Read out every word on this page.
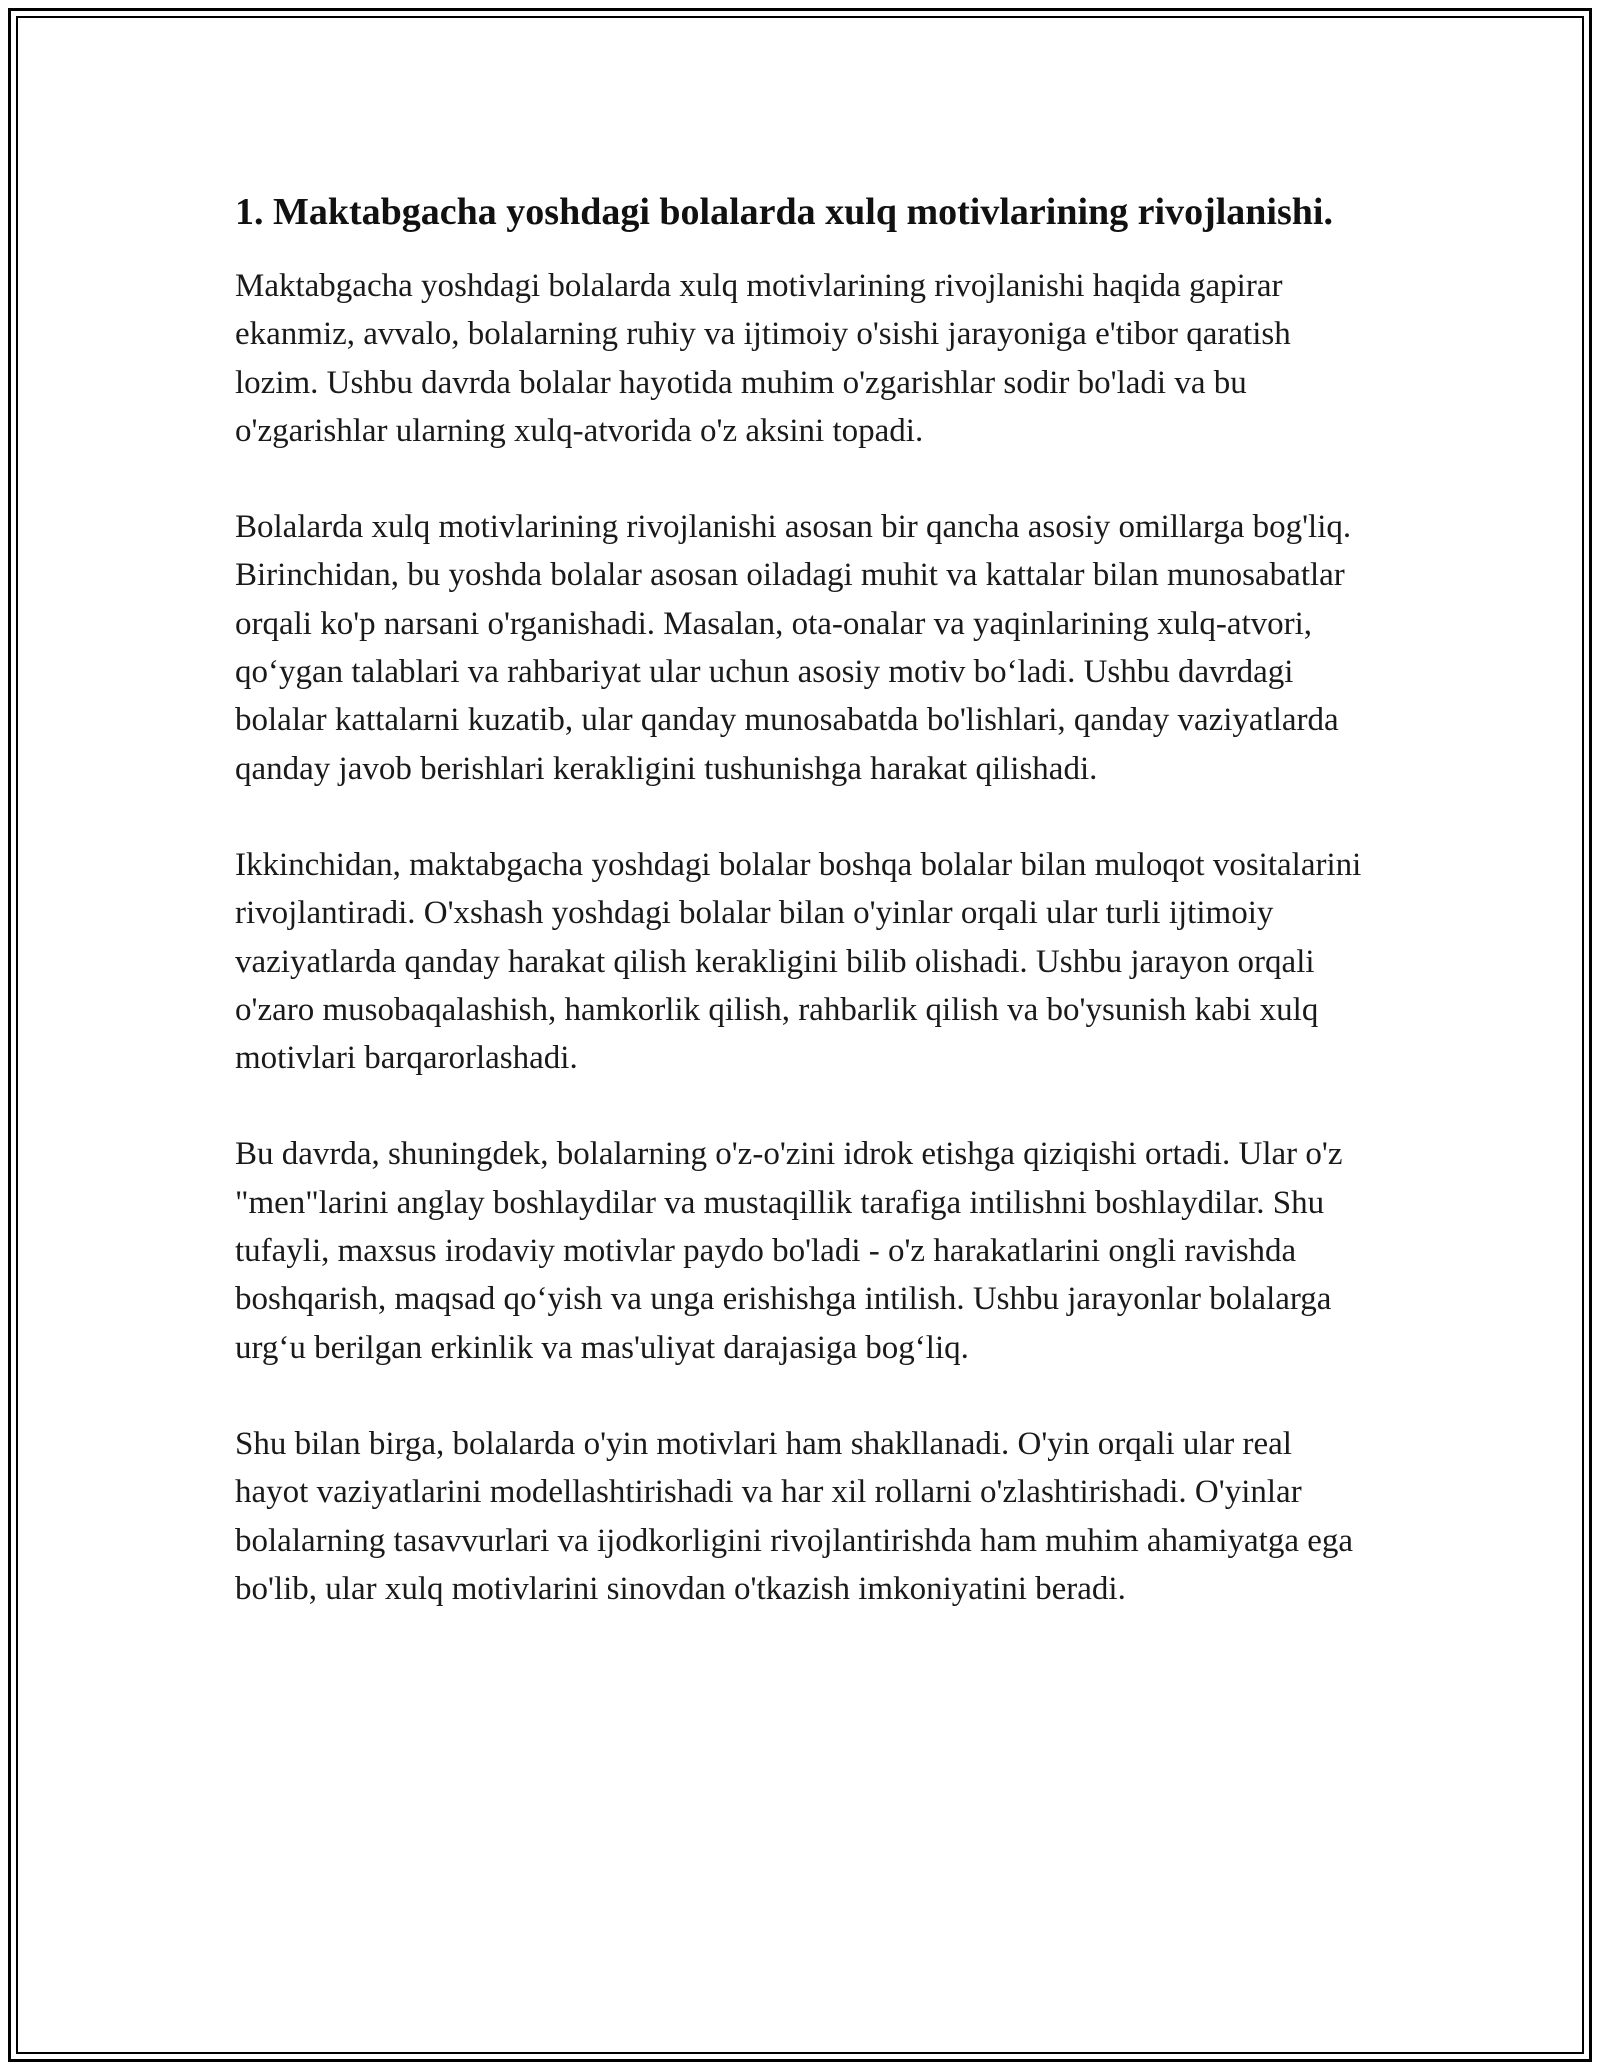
1. Maktabgacha yoshdagi bolalarda xulq motivlarining rivojlanishi.

Maktabgacha yoshdagi bolalarda xulq motivlarining rivojlanishi haqida gapirar ekanmiz, avvalo, bolalarning ruhiy va ijtimoiy o'sishi jarayoniga e'tibor qaratish lozim. Ushbu davrda bolalar hayotida muhim o'zgarishlar sodir bo'ladi va bu o'zgarishlar ularning xulq-atvorida o'z aksini topadi.

Bolalarda xulq motivlarining rivojlanishi asosan bir qancha asosiy omillarga bog'liq. Birinchidan, bu yoshda bolalar asosan oiladagi muhit va kattalar bilan munosabatlar orqali ko'p narsani o'rganishadi. Masalan, ota-onalar va yaqinlarining xulq-atvori, qo‘ygan talablari va rahbariyat ular uchun asosiy motiv bo‘ladi. Ushbu davrdagi bolalar kattalarni kuzatib, ular qanday munosabatda bo'lishlari, qanday vaziyatlarda qanday javob berishlari kerakligini tushunishga harakat qilishadi.

Ikkinchidan, maktabgacha yoshdagi bolalar boshqa bolalar bilan muloqot vositalarini rivojlantiradi. O'xshash yoshdagi bolalar bilan o'yinlar orqali ular turli ijtimoiy vaziyatlarda qanday harakat qilish kerakligini bilib olishadi. Ushbu jarayon orqali o'zaro musobaqalashish, hamkorlik qilish, rahbarlik qilish va bo'ysunish kabi xulq motivlari barqarorlashadi.

Bu davrda, shuningdek, bolalarning o'z-o'zini idrok etishga qiziqishi ortadi. Ular o'z "men"larini anglay boshlaydilar va mustaqillik tarafiga intilishni boshlaydilar. Shu tufayli, maxsus irodaviy motivlar paydo bo'ladi - o'z harakatlarini ongli ravishda boshqarish, maqsad qo‘yish va unga erishishga intilish. Ushbu jarayonlar bolalarga urg‘u berilgan erkinlik va mas'uliyat darajasiga bog‘liq.

Shu bilan birga, bolalarda o'yin motivlari ham shakllanadi. O'yin orqali ular real hayot vaziyatlarini modellashtirishadi va har xil rollarni o'zlashtirishadi. O'yinlar bolalarning tasavvurlari va ijodkorligini rivojlantirishda ham muhim ahamiyatga ega bo'lib, ular xulq motivlarini sinovdan o'tkazish imkoniyatini beradi.
